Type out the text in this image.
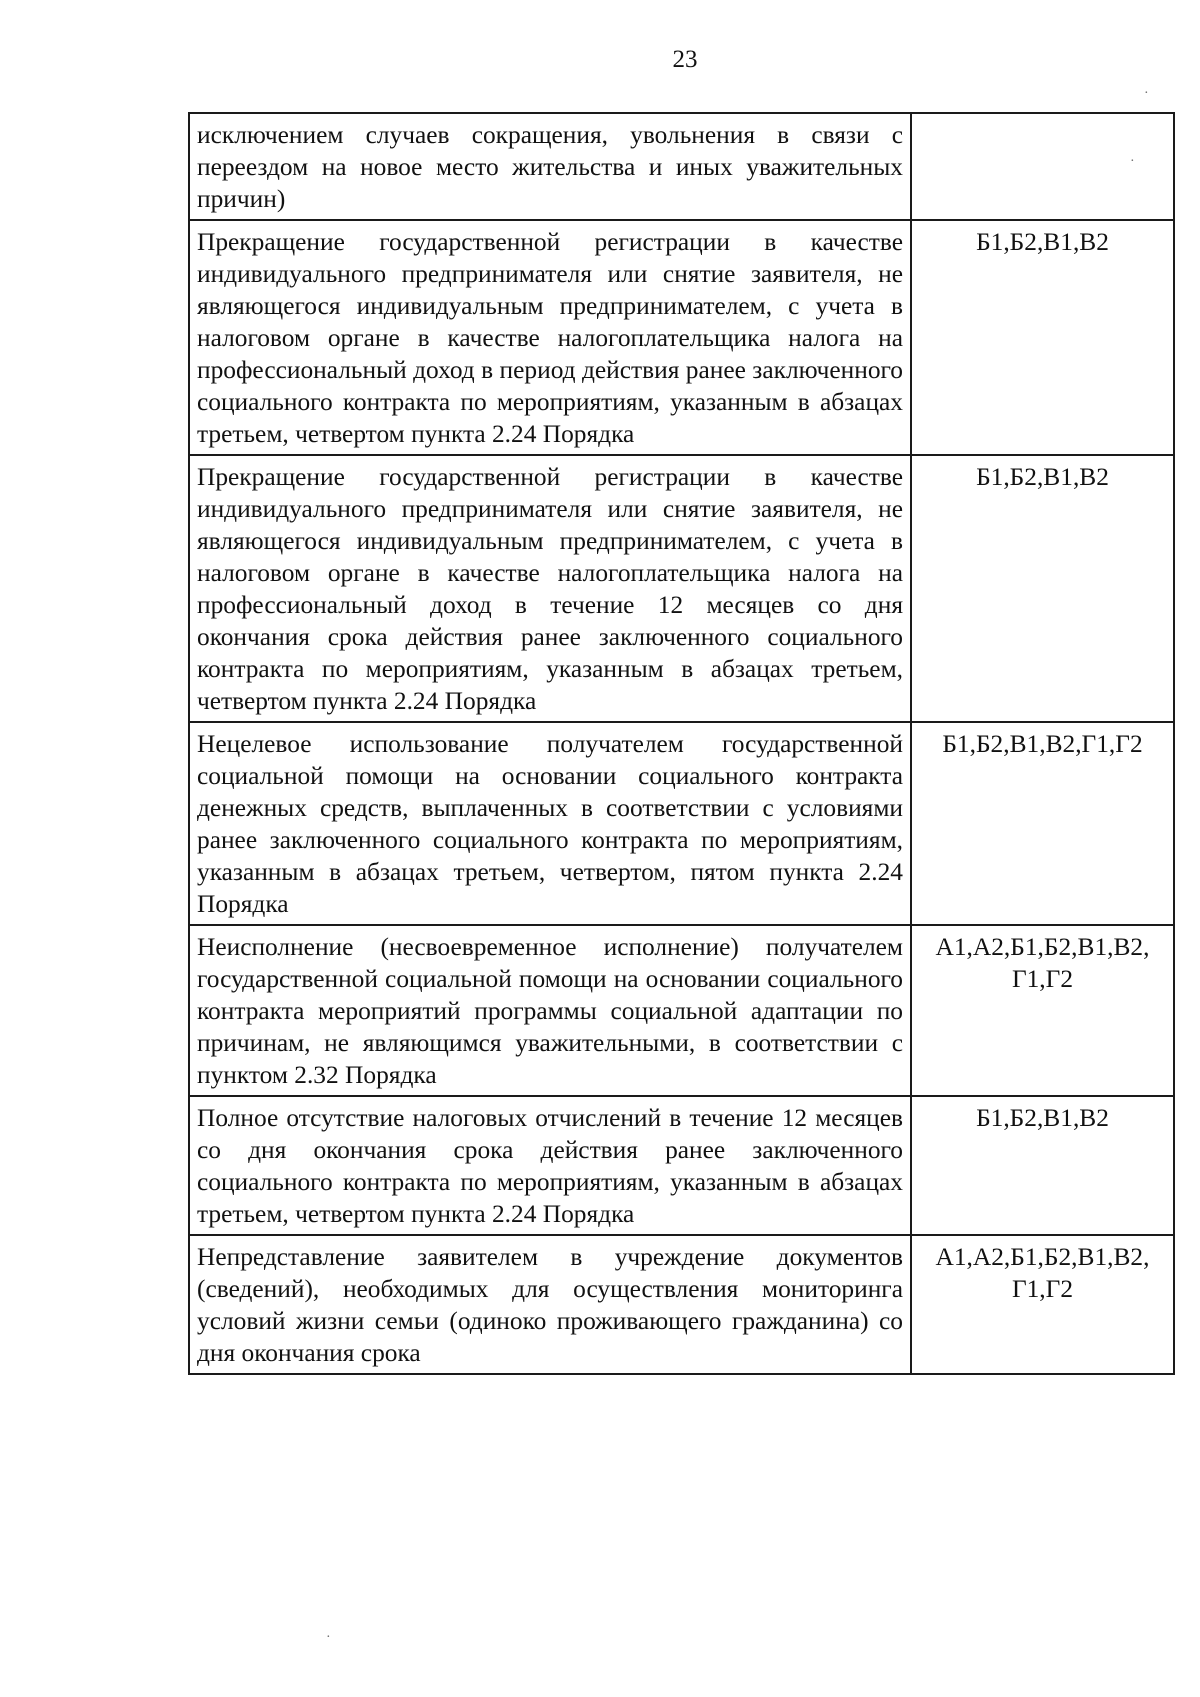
23
исключением случаев сокращения, увольнения в связи с переездом на новое место жительства и иных уважительных причин)	
Прекращение государственной регистрации в качестве индивидуального предпринимателя или снятие заявителя, не являющегося индивидуальным предпринимателем, с учета в налоговом органе в качестве налогоплательщика налога на профессиональный доход в период действия ранее заключенного социального контракта по мероприятиям, указанным в абзацах третьем, четвертом пункта 2.24 Порядка	Б1,Б2,В1,В2
Прекращение государственной регистрации в качестве индивидуального предпринимателя или снятие заявителя, не являющегося индивидуальным предпринимателем, с учета в налоговом органе в качестве налогоплательщика налога на профессиональный доход в течение 12 месяцев со дня окончания срока действия ранее заключенного социального контракта по мероприятиям, указанным в абзацах третьем, четвертом пункта 2.24 Порядка	Б1,Б2,В1,В2
Нецелевое использование получателем государственной социальной помощи на основании социального контракта денежных средств, выплаченных в соответствии с условиями ранее заключенного социального контракта по мероприятиям, указанным в абзацах третьем, четвертом, пятом пункта 2.24 Порядка	Б1,Б2,В1,В2,Г1,Г2
Неисполнение (несвоевременное исполнение) получателем государственной социальной помощи на основании социального контракта мероприятий программы социальной адаптации по причинам, не являющимся уважительными, в соответствии с пунктом 2.32 Порядка	А1,А2,Б1,Б2,В1,В2, Г1,Г2
Полное отсутствие налоговых отчислений в течение 12 месяцев со дня окончания срока действия ранее заключенного социального контракта по мероприятиям, указанным в абзацах третьем, четвертом пункта 2.24 Порядка	Б1,Б2,В1,В2
Непредставление заявителем в учреждение документов (сведений), необходимых для осуществления мониторинга условий жизни семьи (одиноко проживающего гражданина) со дня окончания срока	А1,А2,Б1,Б2,В1,В2, Г1,Г2
·
·
·
